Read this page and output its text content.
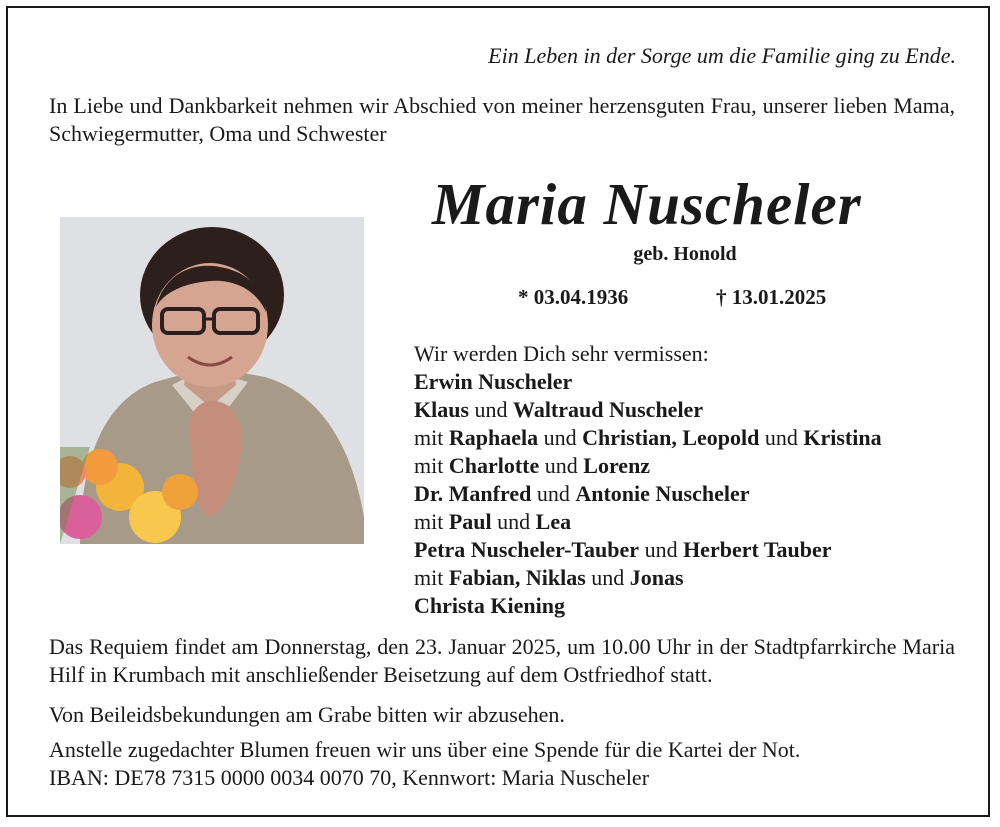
Ein Leben in der Sorge um die Familie ging zu Ende.
In Liebe und Dankbarkeit nehmen wir Abschied von meiner herzensguten Frau, unserer lieben Mama, Schwiegermutter, Oma und Schwester
Maria Nuscheler
geb. Honold
* 03.04.1936	† 13.01.2025
Wir werden Dich sehr vermissen:
Erwin Nuscheler
Klaus und Waltraud Nuscheler
mit Raphaela und Christian, Leopold und Kristina
mit Charlotte und Lorenz
Dr. Manfred und Antonie Nuscheler
mit Paul und Lea
Petra Nuscheler-Tauber und Herbert Tauber
mit Fabian, Niklas und Jonas
Christa Kiening
Das Requiem findet am Donnerstag, den 23. Januar 2025, um 10.00 Uhr in der Stadtpfarrkirche Maria Hilf in Krumbach mit anschließender Beisetzung auf dem Ostfriedhof statt.
Von Beileidsbekundungen am Grabe bitten wir abzusehen.
Anstelle zugedachter Blumen freuen wir uns über eine Spende für die Kartei der Not.
IBAN: DE78 7315 0000 0034 0070 70, Kennwort: Maria Nuscheler
